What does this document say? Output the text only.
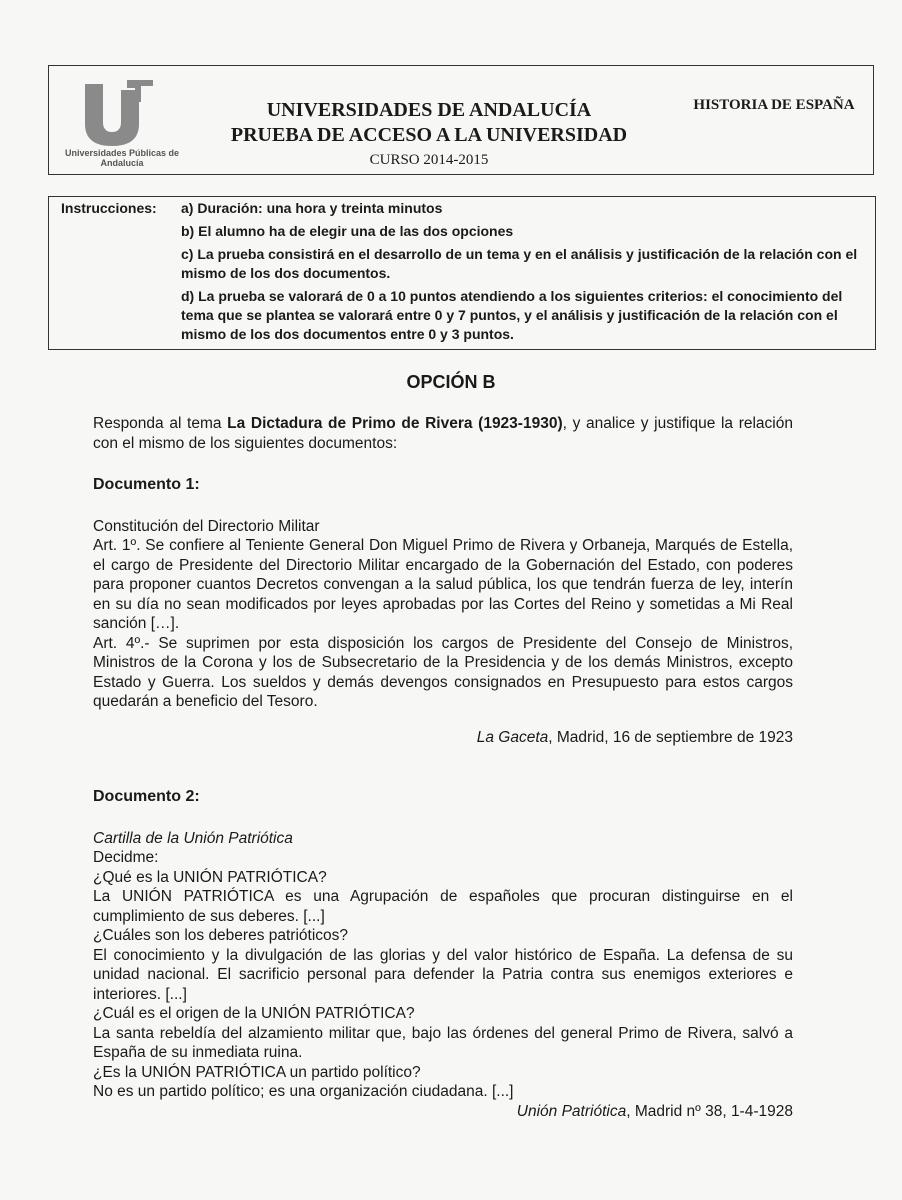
Universidades Públicas de Andalucía
UNIVERSIDADES DE ANDALUCÍA
PRUEBA DE ACCESO A LA UNIVERSIDAD
CURSO 2014-2015
HISTORIA DE ESPAÑA
Instrucciones: a) Duración: una hora y treinta minutos
b) El alumno ha de elegir una de las dos opciones
c) La prueba consistirá en el desarrollo de un tema y en el análisis y justificación de la relación con el mismo de los dos documentos.
d) La prueba se valorará de 0 a 10 puntos atendiendo a los siguientes criterios: el conocimiento del tema que se plantea se valorará entre 0 y 7 puntos, y el análisis y justificación de la relación con el mismo de los dos documentos entre 0 y 3 puntos.
OPCIÓN B

Responda al tema La Dictadura de Primo de Rivera (1923-1930), y analice y justifique la relación con el mismo de los siguientes documentos:

Documento 1:

Constitución del Directorio Militar

Art. 1º. Se confiere al Teniente General Don Miguel Primo de Rivera y Orbaneja, Marqués de Estella, el cargo de Presidente del Directorio Militar encargado de la Gobernación del Estado, con poderes para proponer cuantos Decretos convengan a la salud pública, los que tendrán fuerza de ley, interín en su día no sean modificados por leyes aprobadas por las Cortes del Reino y sometidas a Mi Real sanción […].

Art. 4º.- Se suprimen por esta disposición los cargos de Presidente del Consejo de Ministros, Ministros de la Corona y los de Subsecretario de la Presidencia y de los demás Ministros, excepto Estado y Guerra. Los sueldos y demás devengos consignados en Presupuesto para estos cargos quedarán a beneficio del Tesoro.

La Gaceta, Madrid, 16 de septiembre de 1923

Documento 2:

Cartilla de la Unión Patriótica

Decidme:

¿Qué es la UNIÓN PATRIÓTICA?

La UNIÓN PATRIÓTICA es una Agrupación de españoles que procuran distinguirse en el cumplimiento de sus deberes. [...]

¿Cuáles son los deberes patrióticos?

El conocimiento y la divulgación de las glorias y del valor histórico de España. La defensa de su unidad nacional. El sacrificio personal para defender la Patria contra sus enemigos exteriores e interiores. [...]

¿Cuál es el origen de la UNIÓN PATRIÓTICA?

La santa rebeldía del alzamiento militar que, bajo las órdenes del general Primo de Rivera, salvó a España de su inmediata ruina.

¿Es la UNIÓN PATRIÓTICA un partido político?

No es un partido político; es una organización ciudadana. [...]

Unión Patriótica, Madrid nº 38, 1-4-1928
